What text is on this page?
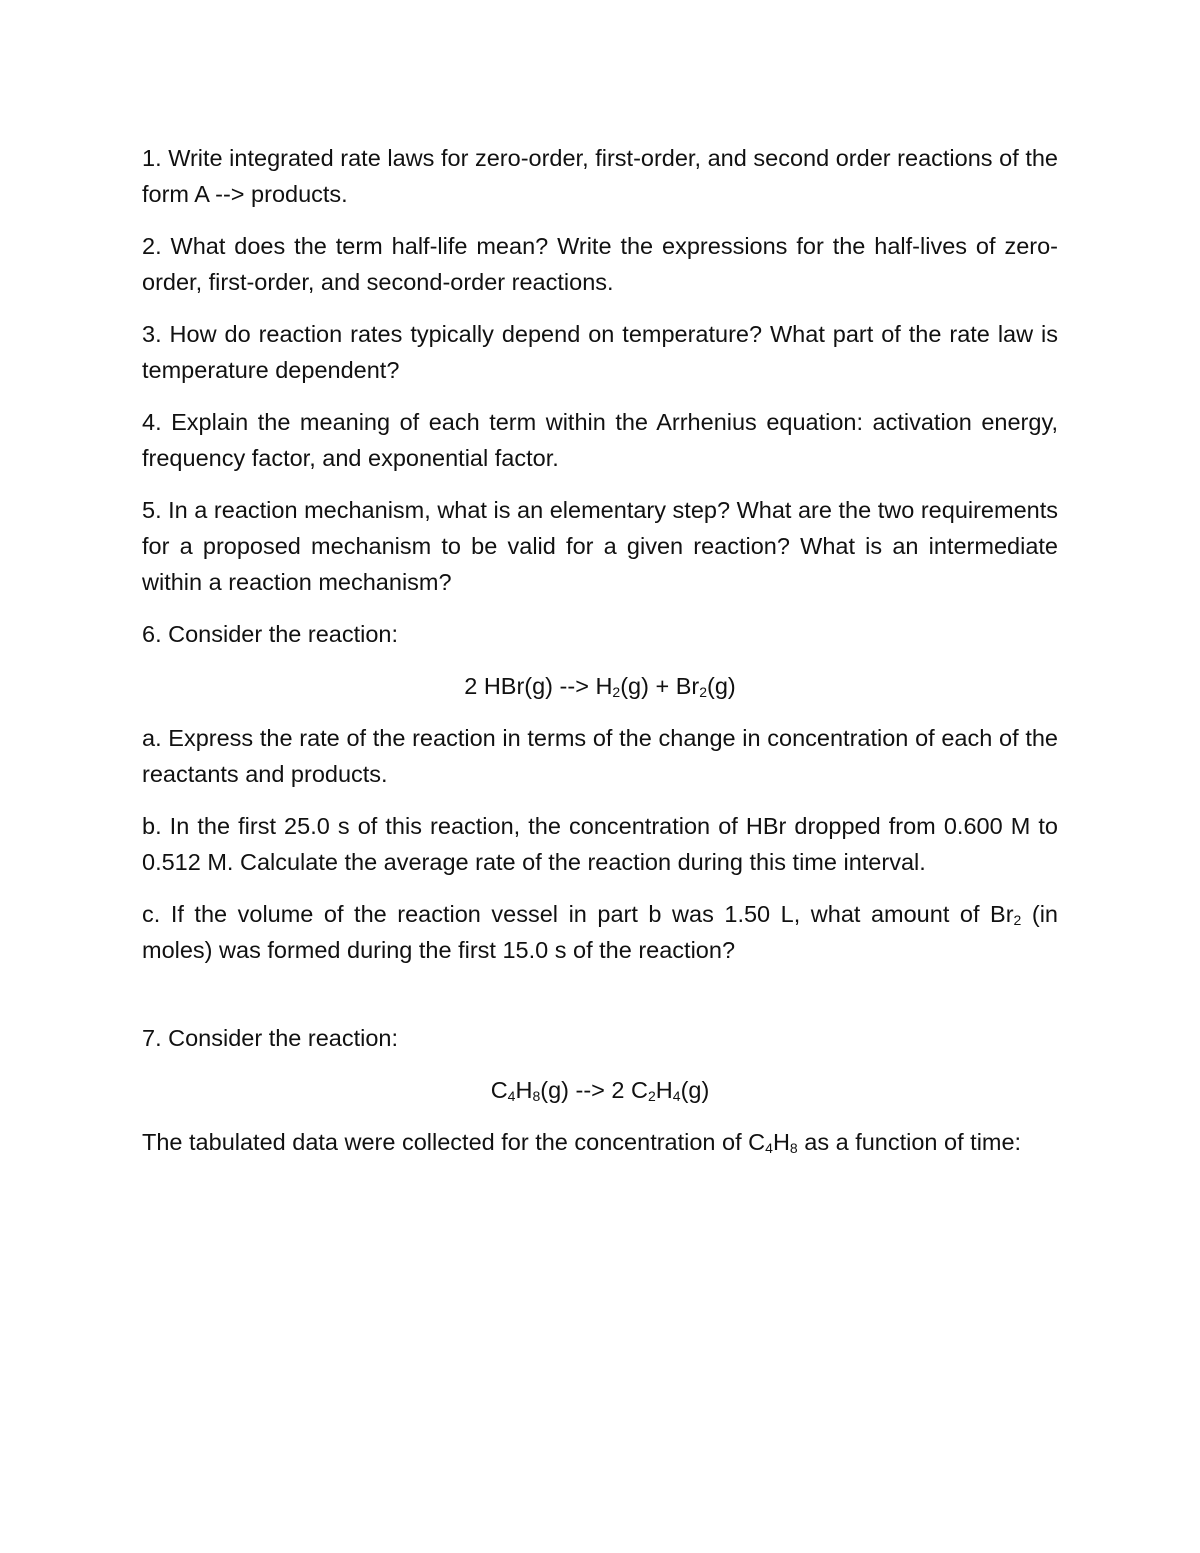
1. Write integrated rate laws for zero-order, first-order, and second order reactions of the form A --> products.

2. What does the term half-life mean? Write the expressions for the half-lives of zero-order, first-order, and second-order reactions.

3. How do reaction rates typically depend on temperature? What part of the rate law is temperature dependent?

4. Explain the meaning of each term within the Arrhenius equation: activation energy, frequency factor, and exponential factor.

5. In a reaction mechanism, what is an elementary step? What are the two requirements for a proposed mechanism to be valid for a given reaction? What is an intermediate within a reaction mechanism?

6. Consider the reaction:

2 HBr(g) --> $H_2(g) + Br_2(g)$

a. Express the rate of the reaction in terms of the change in concentration of each of the reactants and products.

b. In the first 25.0 s of this reaction, the concentration of HBr dropped from 0.600 M to 0.512 M. Calculate the average rate of the reaction during this time interval.

c. If the volume of the reaction vessel in part b was 1.50 L, what amount of $Br_2$ (in moles) was formed during the first 15.0 s of the reaction?

7. Consider the reaction:

$C_4H_8(g)$ --> 2 $C_2H_4(g)$

The tabulated data were collected for the concentration of $C_4H_8$ as a function of time:
